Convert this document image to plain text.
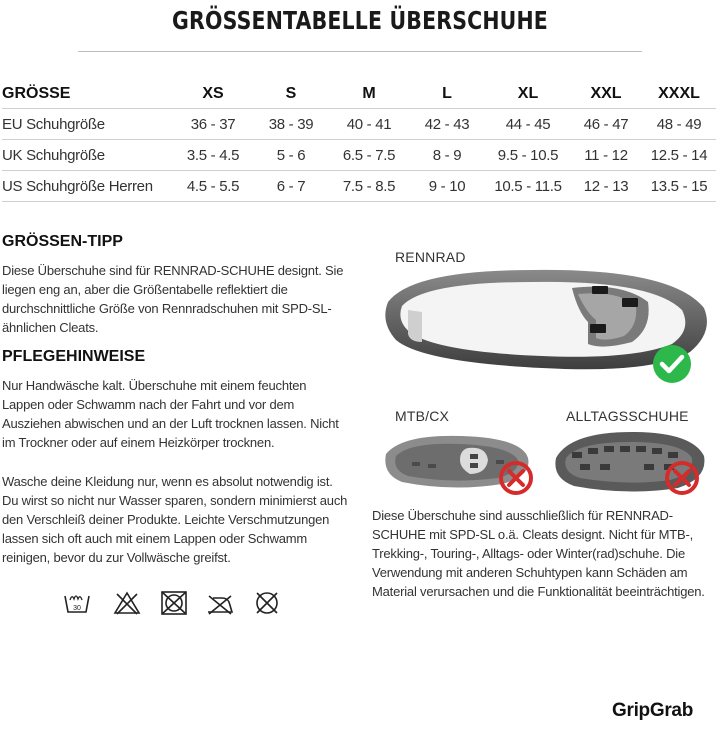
GRÖSSENTABELLE ÜBERSCHUHE
GRÖSSE	XS	S	M	L	XL	XXL	XXXL
EU Schuhgröße	36 - 37	38 - 39	40 - 41	42 - 43	44 - 45	46 - 47	48 - 49
UK Schuhgröße	3.5 - 4.5	5 - 6	6.5 - 7.5	8 - 9	9.5 - 10.5	11 - 12	12.5 - 14
US Schuhgröße Herren	4.5 - 5.5	6 - 7	7.5 - 8.5	9 - 10	10.5 - 11.5	12 - 13	13.5 - 15
GRÖSSEN-TIPP
Diese Überschuhe sind für RENNRAD-SCHUHE designt. Sie liegen eng an, aber die Größentabelle reflektiert die durchschnittliche Größe von Rennradschuhen mit SPD-SL-ähnlichen Cleats.
PFLEGEHINWEISE
Nur Handwäsche kalt. Überschuhe mit einem feuchten Lappen oder Schwamm nach der Fahrt und vor dem Ausziehen abwischen und an der Luft trocknen lassen. Nicht im Trockner oder auf einem Heizkörper trocknen.
Wasche deine Kleidung nur, wenn es absolut notwendig ist. Du wirst so nicht nur Wasser sparen, sondern minimierst auch den Verschleiß deiner Produkte. Leichte Verschmutzungen lassen sich oft auch mit einem Lappen oder Schwamm reinigen, bevor du zur Vollwäsche greifst.
30
RENNRAD
MTB/CX	ALLTAGSSCHUHE
Diese Überschuhe sind ausschließlich für RENNRAD-SCHUHE mit SPD-SL o.ä. Cleats designt. Nicht für MTB-, Trekking-, Touring-, Alltags- oder Winter(rad)schuhe. Die Verwendung mit anderen Schuhtypen kann Schäden am Material verursachen und die Funktionalität beeinträchtigen.
GripGrab
